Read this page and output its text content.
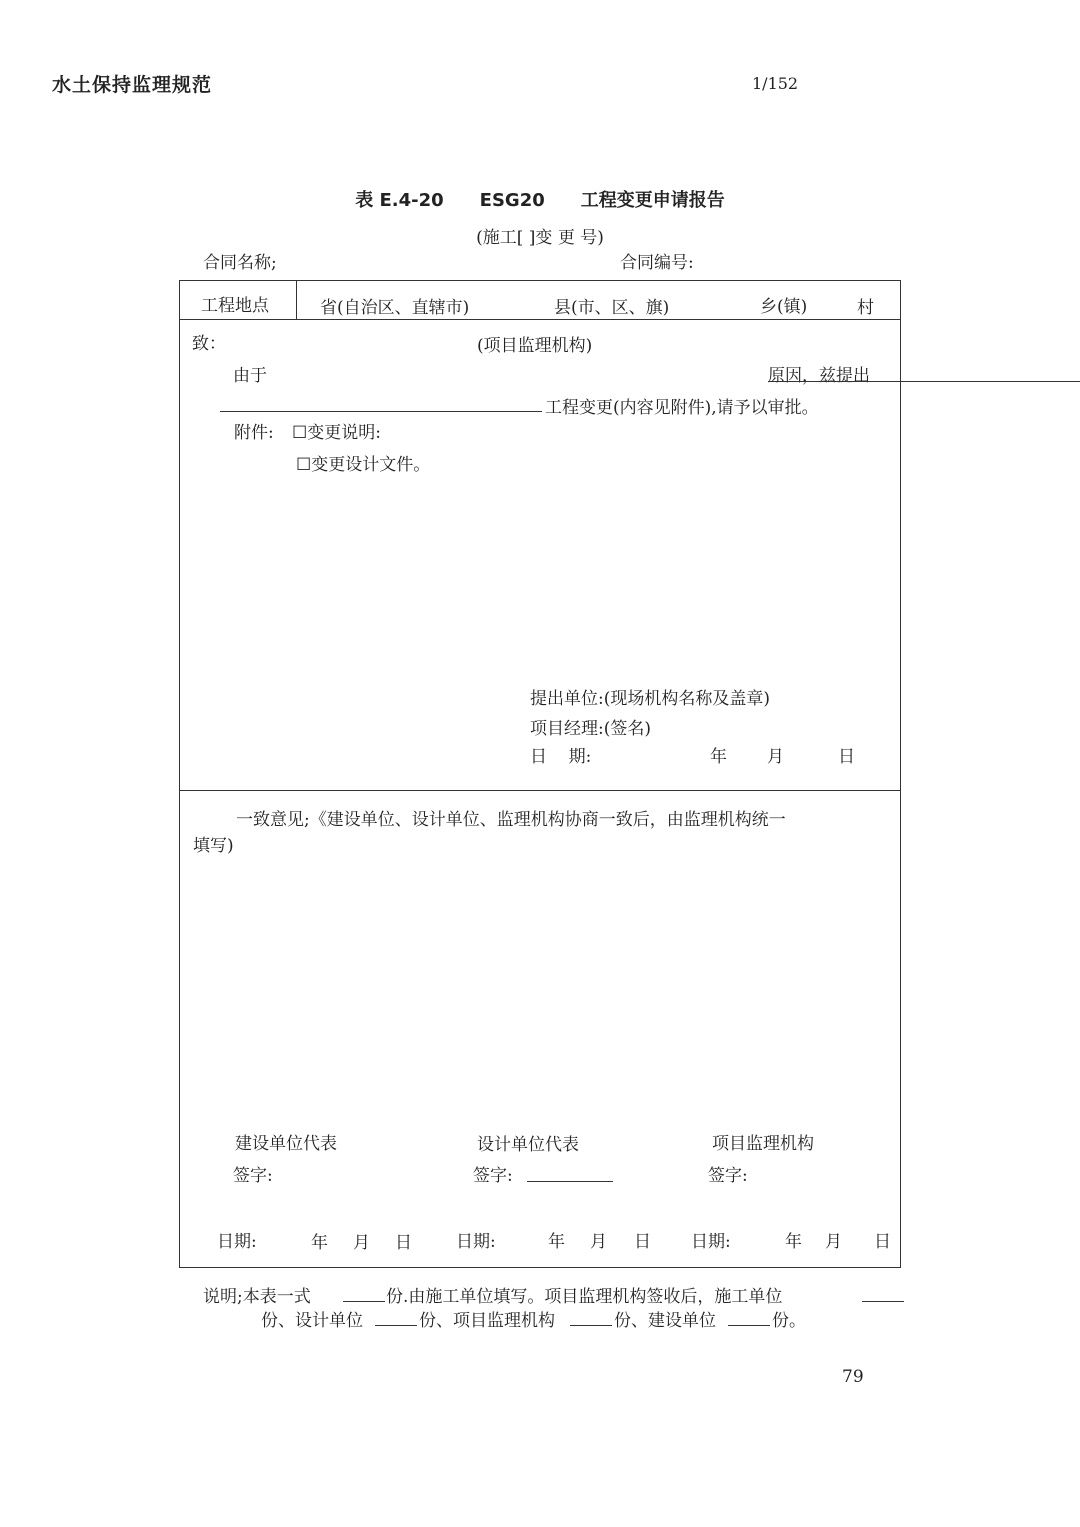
水土保持监理规范	1/152
表 E.4-20 ESG20 工程变更申请报告
(施工[ ]变 更 号)
合同名称;	合同编号:
工程地点	省(自治区、直辖市)	县(市、区、旗)	乡(镇)	村
致：	(项目监理机构)
由于	原因，兹提出
工程变更(内容见附件),请予以审批。
附件: ☐变更说明:
☐变更设计文件。
提出单位:(现场机构名称及盖章)
项目经理:(签名)
日    期:	年 月	日
一致意见;《建设单位、设计单位、监理机构协商一致后，由监理机构统一
填写)
建设单位代表	设计单位代表	项目监理机构
签字:	签字:	签字:
日期:	年 月 日	日期:	年 月 日 日期:	年 月 日
说明;本表一式	份.由施工单位填写。项目监理机构签收后，施工单位
份、设计单位	份、项目监理机构	份、建设单位	份。
79
